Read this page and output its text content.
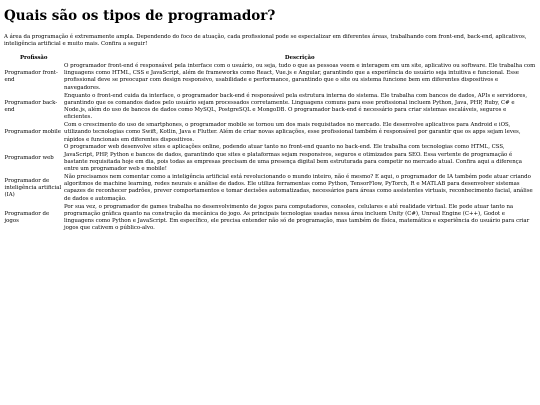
Quais são os tipos de programador?

A área da programação é extremamente ampla. Dependendo do foco de atuação, cada profissional pode se especializar em diferentes áreas, trabalhando com front-end, back-end, aplicativos, inteligência artificial e muito mais. Confira a seguir!

Profissão	Descrição
Programador front-end	O programador front-end é responsável pela interface com o usuário, ou seja, tudo o que as pessoas veem e interagem em um site, aplicativo ou software. Ele trabalha com linguagens como HTML, CSS e JavaScript, além de frameworks como React, Vue.js e Angular, garantindo que a experiência do usuário seja intuitiva e funcional. Esse profissional deve se preocupar com design responsivo, usabilidade e performance, garantindo que o site ou sistema funcione bem em diferentes dispositivos e navegadores.
Programador back-end	Enquanto o front-end cuida da interface, o programador back-end é responsável pela estrutura interna do sistema. Ele trabalha com bancos de dados, APIs e servidores, garantindo que os comandos dados pelo usuário sejam processados corretamente. Linguagens comuns para esse profissional incluem Python, Java, PHP, Ruby, C# e Node.js, além do uso de bancos de dados como MySQL, PostgreSQL e MongoDB. O programador back-end é necessário para criar sistemas escaláveis, seguros e eficientes.
Programador mobile	Com o crescimento do uso de smartphones, o programador mobile se tornou um dos mais requisitados no mercado. Ele desenvolve aplicativos para Android e iOS, utilizando tecnologias como Swift, Kotlin, Java e Flutter. Além de criar novas aplicações, esse profissional também é responsável por garantir que os apps sejam leves, rápidos e funcionais em diferentes dispositivos.
Programador web	O programador web desenvolve sites e aplicações online, podendo atuar tanto no front-end quanto no back-end. Ele trabalha com tecnologias como HTML, CSS, JavaScript, PHP, Python e bancos de dados, garantindo que sites e plataformas sejam responsivos, seguros e otimizados para SEO. Essa vertente de programação é bastante requisitada hoje em dia, pois todas as empresas precisam de uma presença digital bem estruturada para competir no mercado atual. Confira aqui a diferença entre um programador web e mobile!
Programador de inteligência artificial (IA)	Não precisamos nem comentar como a inteligência artificial está revolucionando o mundo inteiro, não é mesmo? E aqui, o programador de IA também pode atuar criando algoritmos de machine learning, redes neurais e análise de dados. Ele utiliza ferramentas como Python, TensorFlow, PyTorch, R e MATLAB para desenvolver sistemas capazes de reconhecer padrões, prever comportamentos e tomar decisões automatizadas, necessários para áreas como assistentes virtuais, reconhecimento facial, análise de dados e automação.
Programador de jogos	Por sua vez, o programador de games trabalha no desenvolvimento de jogos para computadores, consoles, celulares e até realidade virtual. Ele pode atuar tanto na programação gráfica quanto na construção da mecânica do jogo. As principais tecnologias usadas nessa área incluem Unity (C#), Unreal Engine (C++), Godot e linguagens como Python e JavaScript. Em específico, ele precisa entender não só de programação, mas também de física, matemática e experiência do usuário para criar jogos que cativem o público-alvo.
